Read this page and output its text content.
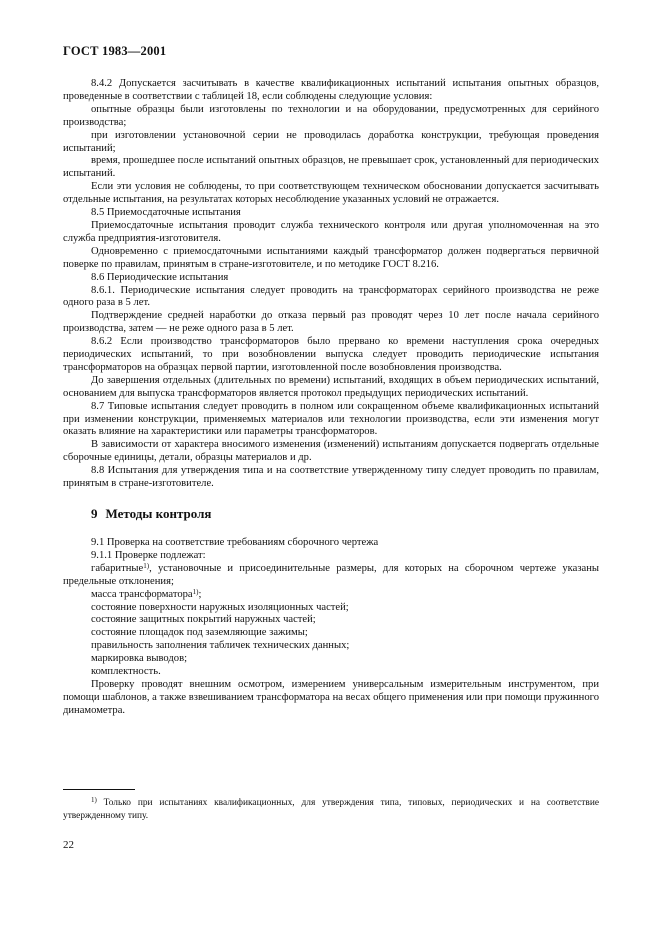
ГОСТ 1983—2001

8.4.2 Допускается засчитывать в качестве квалификационных испытаний испытания опытных образцов, проведенные в соответствии с таблицей 18, если соблюдены следующие условия:

опытные образцы были изготовлены по технологии и на оборудовании, предусмотренных для серийного производства;

при изготовлении установочной серии не проводилась доработка конструкции, требующая проведения испытаний;

время, прошедшее после испытаний опытных образцов, не превышает срок, установленный для периодических испытаний.

Если эти условия не соблюдены, то при соответствующем техническом обосновании допускается засчитывать отдельные испытания, на результатах которых несоблюдение указанных условий не отражается.

8.5 Приемосдаточные испытания

Приемосдаточные испытания проводит служба технического контроля или другая уполномоченная на это служба предприятия-изготовителя.

Одновременно с приемосдаточными испытаниями каждый трансформатор должен подвергаться первичной поверке по правилам, принятым в стране-изготовителе, и по методике ГОСТ 8.216.

8.6 Периодические испытания

8.6.1. Периодические испытания следует проводить на трансформаторах серийного производства не реже одного раза в 5 лет.

Подтверждение средней наработки до отказа первый раз проводят через 10 лет после начала серийного производства, затем — не реже одного раза в 5 лет.

8.6.2 Если производство трансформаторов было прервано ко времени наступления срока очередных периодических испытаний, то при возобновлении выпуска следует проводить периодические испытания трансформаторов на образцах первой партии, изготовленной после возобновления производства.

До завершения отдельных (длительных по времени) испытаний, входящих в объем периодических испытаний, основанием для выпуска трансформаторов является протокол предыдущих периодических испытаний.

8.7 Типовые испытания следует проводить в полном или сокращенном объеме квалификационных испытаний при изменении конструкции, применяемых материалов или технологии производства, если эти изменения могут оказать влияние на характеристики или параметры трансформаторов.

В зависимости от характера вносимого изменения (изменений) испытаниям допускается подвергать отдельные сборочные единицы, детали, образцы материалов и др.

8.8 Испытания для утверждения типа и на соответствие утвержденному типу следует проводить по правилам, принятым в стране-изготовителе.

9 Методы контроля

9.1 Проверка на соответствие требованиям сборочного чертежа

9.1.1 Проверке подлежат:

габаритные$^{1)}$, установочные и присоединительные размеры, для которых на сборочном чертеже указаны предельные отклонения;

масса трансформатора$^{1)}$;

состояние поверхности наружных изоляционных частей;

состояние защитных покрытий наружных частей;

состояние площадок под заземляющие зажимы;

правильность заполнения табличек технических данных;

маркировка выводов;

комплектность.

Проверку проводят внешним осмотром, измерением универсальным измерительным инструментом, при помощи шаблонов, а также взвешиванием трансформатора на весах общего применения или при помощи пружинного динамометра.

$^{1)}$ Только при испытаниях квалификационных, для утверждения типа, типовых, периодических и на соответствие утвержденному типу.

22
